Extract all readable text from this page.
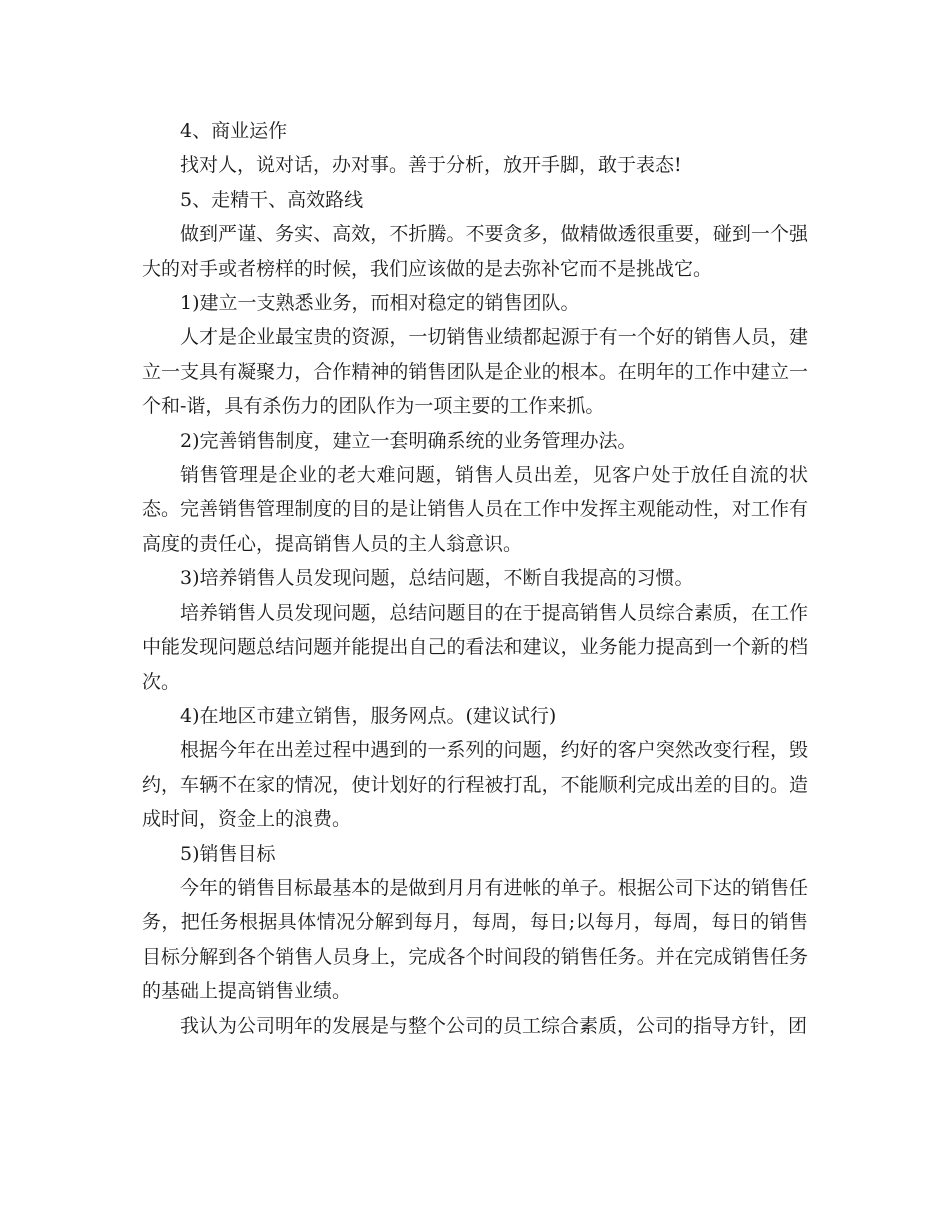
4、商业运作

找对人，说对话，办对事。善于分析，放开手脚，敢于表态!

5、走精干、高效路线

做到严谨、务实、高效，不折腾。不要贪多，做精做透很重要，碰到一个强大的对手或者榜样的时候，我们应该做的是去弥补它而不是挑战它。

1)建立一支熟悉业务，而相对稳定的销售团队。

人才是企业最宝贵的资源，一切销售业绩都起源于有一个好的销售人员，建立一支具有凝聚力，合作精神的销售团队是企业的根本。在明年的工作中建立一个和-谐，具有杀伤力的团队作为一项主要的工作来抓。

2)完善销售制度，建立一套明确系统的业务管理办法。

销售管理是企业的老大难问题，销售人员出差，见客户处于放任自流的状态。完善销售管理制度的目的是让销售人员在工作中发挥主观能动性，对工作有高度的责任心，提高销售人员的主人翁意识。

3)培养销售人员发现问题，总结问题，不断自我提高的习惯。

培养销售人员发现问题，总结问题目的在于提高销售人员综合素质，在工作中能发现问题总结问题并能提出自己的看法和建议，业务能力提高到一个新的档次。

4)在地区市建立销售，服务网点。(建议试行)

根据今年在出差过程中遇到的一系列的问题，约好的客户突然改变行程，毁约，车辆不在家的情况，使计划好的行程被打乱，不能顺利完成出差的目的。造成时间，资金上的浪费。

5)销售目标

今年的销售目标最基本的是做到月月有进帐的单子。根据公司下达的销售任务，把任务根据具体情况分解到每月，每周，每日;以每月，每周，每日的销售目标分解到各个销售人员身上，完成各个时间段的销售任务。并在完成销售任务的基础上提高销售业绩。

我认为公司明年的发展是与整个公司的员工综合素质，公司的指导方针，团
